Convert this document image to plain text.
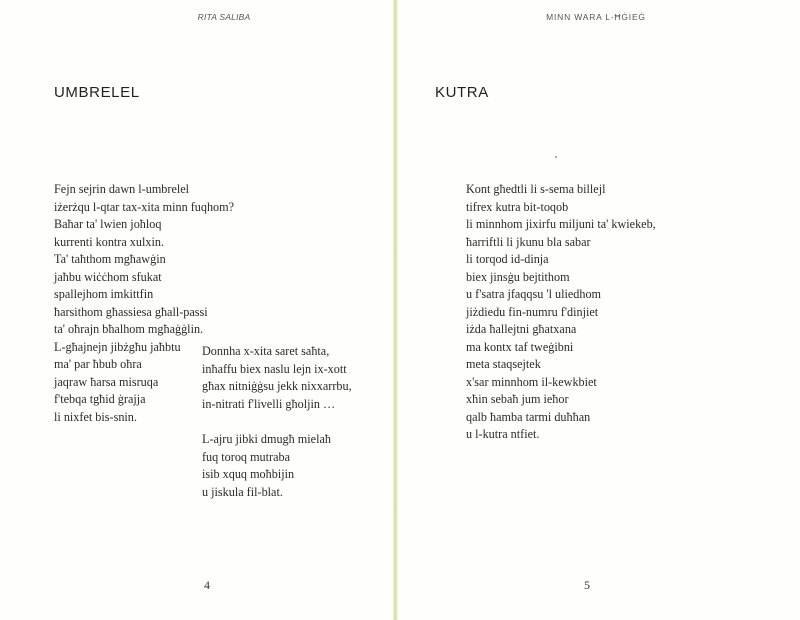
RITA SALIBA
UMBRELEL
Fejn sejrin dawn l-umbrelel
iżerżqu l-qtar tax-xita minn fuqhom?
Baħar ta' lwien joħloq
kurrenti kontra xulxin.
Ta' taħthom mgħawġin
jaħbu wiċċhom sfukat
spallejhom imkittfin
ħarsithom għassiesa għall-passi
ta' oħrajn bħalhom mgħaġġlin.
L-għajnejn jibżgħu jaħbtu
ma' par ħbub oħra
jaqraw ħarsa misruqa
f'tebqa tgħid ġrajja
li nixfet bis-snin.
Donnha x-xita saret saħta,
inħaffu biex naslu lejn ix-xott
għax nitniġġsu jekk nixxarrbu,
in-nitrati f'livelli għoljin …
L-ajru jibki dmugħ mielaħ
fuq toroq mutraba
isib xquq moħbijin
u jiskula fil-blat.
4
MINN WARA L-ĦĠIEĠ
KUTRA
Kont għedtli li s-sema billejl
tifrex kutra bit-toqob
li minnhom jixirfu miljuni ta' kwiekeb,
ħarriftli li jkunu bla sabar
li torqod id-dinja
biex jinsġu bejtithom
u f'satra jfaqqsu 'l uliedhom
jiżdiedu fin-numru f'dinjiet
iżda ħallejtni għatxana
ma kontx taf tweġibni
meta staqsejtek
x'sar minnhom il-kewkbiet
xħin sebaħ jum ieħor
qalb ħamba tarmi duħħan
u l-kutra ntfiet.
5
